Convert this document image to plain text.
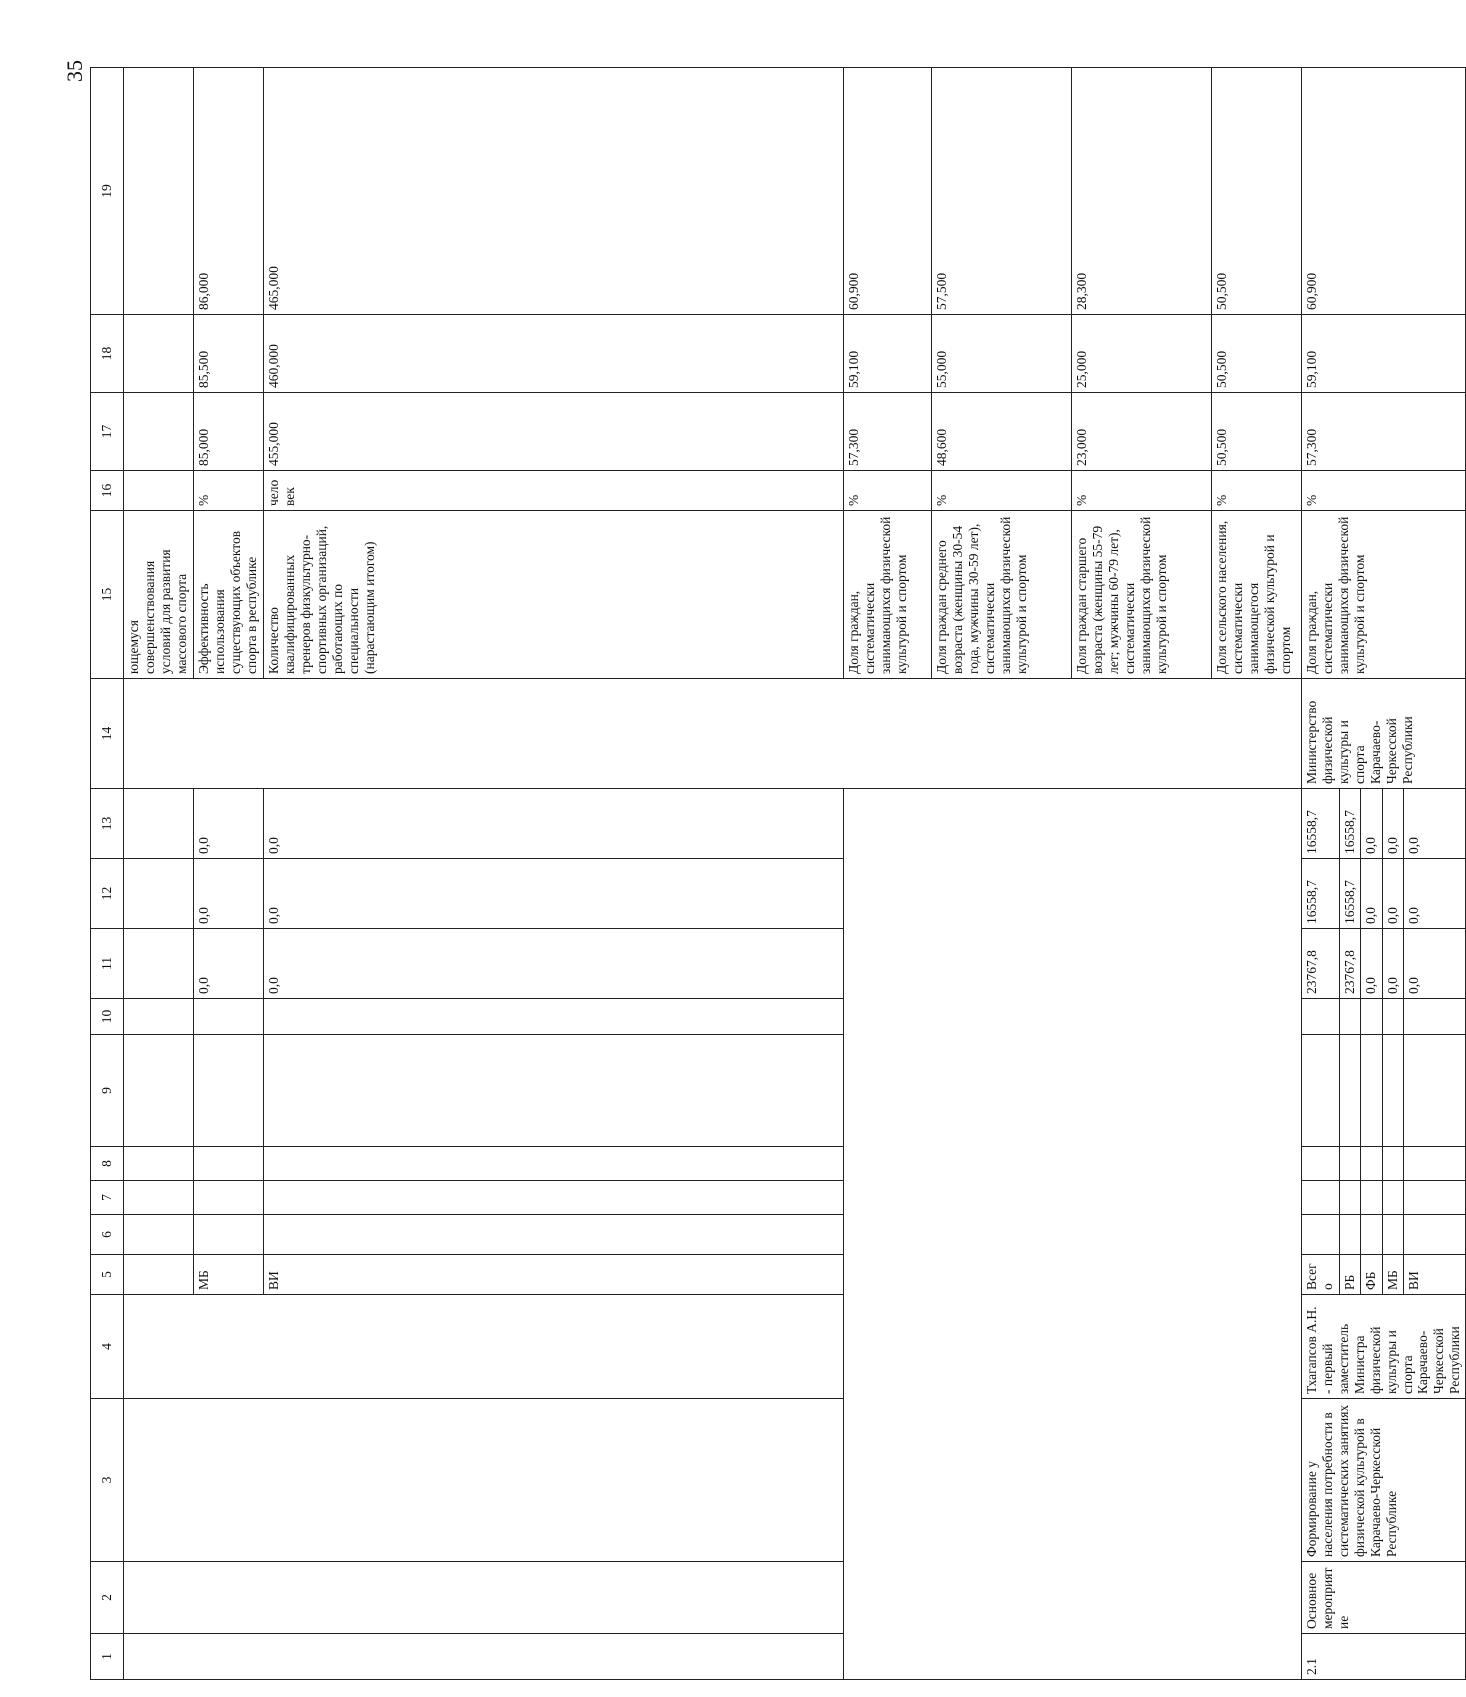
35
1	2	3	4	5	6	7	8	9	10	11	12	13	14	15	16	17	18	19
														ющемуся совершенствования условий для развития массового спорта				
				МБ						0,0	0,0	0,0		Эффективность использования существующих объектов спорта в республике	%	85,000	85,500	86,000
				ВИ						0,0	0,0	0,0		Количество квалифицированных тренеров физкультурно-спортивных организаций, работающих по специальности (нарастающим итогом)	человек	455,000	460,000	465,000
														Доля граждан, систематически занимающихся физической культурой и спортом	%	57,300	59,100	60,900
														Доля граждан среднего возраста (женщины 30-54 года, мужчины 30-59 лет), систематически занимающихся физической культурой и спортом	%	48,600	55,000	57,500
														Доля граждан старшего возраста (женщины 55-79 лет; мужчины 60-79 лет), систематически занимающихся физической культурой и спортом	%	23,000	25,000	28,300
														Доля сельского населения, систематически занимающегося физической культурой и спортом	%	50,500	50,500	50,500
2.1	Основное мероприятие	Формирование у населения потребности в систематических занятиях физической культурой в Карачаево-Черкесской Республике	Тхагапсов А.Н. - первый заместитель Министра физической культуры и спорта Карачаево-Черкесской Республики	Всего						23767,8	16558,7	16558,7	Министерство физической культуры и спорта Карачаево-Черкесской Республики	Доля граждан, систематически занимающихся физической культурой и спортом	%	57,300	59,100	60,900
				РБ						23767,8	16558,7	16558,7						
				ФБ						0,0	0,0	0,0						
				МБ						0,0	0,0	0,0						
				ВИ						0,0	0,0	0,0						
